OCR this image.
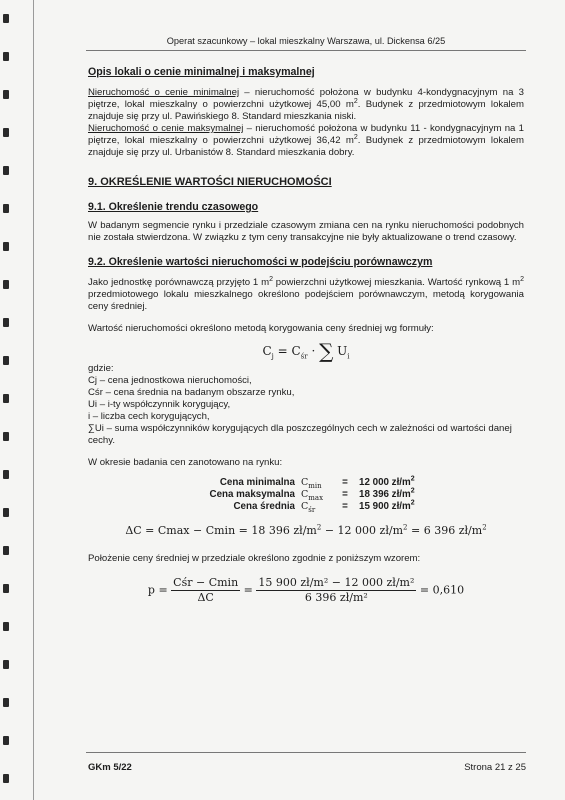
Operat szacunkowy – lokal mieszkalny Warszawa, ul. Dickensa 6/25
Opis lokali o cenie minimalnej i maksymalnej

Nieruchomość o cenie minimalnej – nieruchomość położona w budynku 4-kondygnacyjnym na 3 piętrze, lokal mieszkalny o powierzchni użytkowej 45,00 $m^2$. Budynek z przedmiotowym lokalem znajduje się przy ul. Pawińskiego 8. Standard mieszkania niski.

Nieruchomość o cenie maksymalnej – nieruchomość położona w budynku 11 - kondygnacyjnym na 1 piętrze, lokal mieszkalny o powierzchni użytkowej 36,42 $m^2$. Budynek z przedmiotowym lokalem znajduje się przy ul. Urbanistów 8. Standard mieszkania dobry.

9. OKREŚLENIE WARTOŚCI NIERUCHOMOŚCI
9.1. Określenie trendu czasowego

W badanym segmencie rynku i przedziale czasowym zmiana cen na rynku nieruchomości podobnych nie została stwierdzona. W związku z tym ceny transakcyjne nie były aktualizowane o trend czasowy.

9.2. Określenie wartości nieruchomości w podejściu porównawczym

Jako jednostkę porównawczą przyjęto 1 $m^2$ powierzchni użytkowej mieszkania. Wartość rynkową 1 $m^2$ przedmiotowego lokalu mieszkalnego określono podejściem porównawczym, metodą korygowania ceny średniej.

Wartość nieruchomości określono metodą korygowania ceny średniej wg formuły:

$C_j = C_{śr}$ · ∑ $U_i$

gdzie:

Cj – cena jednostkowa nieruchomości,

Cśr – cena średnia na badanym obszarze rynku,

Ui – i-ty współczynnik korygujący,

i – liczba cech korygujących,

∑Ui – suma współczynników korygujących dla poszczególnych cech w zależności od wartości danej cechy.

W okresie badania cen zanotowano na rynku:

Cena minimalna	$C_{min}$	=	12 000 $zł/m^2$
Cena maksymalna	$C_{max}$	=	18 396 $zł/m^2$
Cena średnia	$C_{śr}$	=	15 900 $zł/m^2$
ΔC = Cmax − Cmin = 18 396 $zł/m^2 - 12$ 000 $zł/m^2 = 6$ 396 $zł/m^2$

Położenie ceny średniej w przedziale określono zgodnie z poniższym wzorem:

$p = \frac{\text{Cśr − Cmin}}{\Delta C} = \frac{\text{15 900 zł/m² − 12 000 zł/m²}}{\text{6 396 zł/m²}} = 0,610$
GKm 5/22	Strona 21 z 25
